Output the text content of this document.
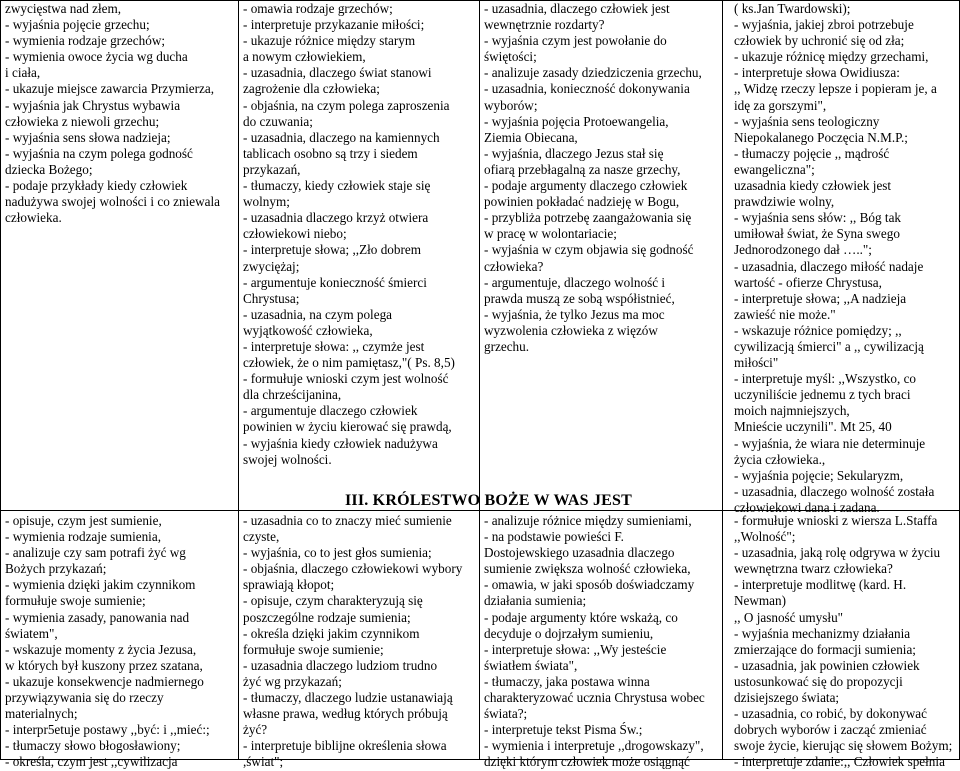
zwycięstwa nad złem,
- wyjaśnia pojęcie grzechu;
- wymienia rodzaje grzechów;
- wymienia owoce życia wg ducha
i ciała,
- ukazuje miejsce zawarcia Przymierza,
- wyjaśnia jak Chrystus wybawia
człowieka z niewoli grzechu;
- wyjaśnia sens słowa nadzieja;
- wyjaśnia na czym polega godność
dziecka Bożego;
- podaje przykłady kiedy człowiek
nadużywa swojej wolności i co zniewala
człowieka.
- omawia rodzaje grzechów;
- interpretuje przykazanie miłości;
- ukazuje różnice między starym
a nowym człowiekiem,
- uzasadnia, dlaczego świat stanowi
zagrożenie dla człowieka;
- objaśnia, na czym polega zaproszenia
do czuwania;
- uzasadnia, dlaczego na kamiennych
tablicach osobno są trzy i siedem
przykazań,
- tłumaczy, kiedy człowiek staje się
wolnym;
- uzasadnia dlaczego krzyż otwiera
człowiekowi niebo;
- interpretuje słowa; ,,Zło dobrem
zwyciężaj;
- argumentuje konieczność śmierci
Chrystusa;
- uzasadnia, na czym polega
wyjątkowość człowieka,
- interpretuje słowa: ,, czymże jest
człowiek, że o nim pamiętasz,"( Ps. 8,5)
- formułuje wnioski czym jest wolność
dla chrześcijanina,
- argumentuje dlaczego człowiek
powinien w życiu kierować się prawdą,
- wyjaśnia kiedy człowiek nadużywa
swojej wolności.
- uzasadnia, dlaczego człowiek jest
wewnętrznie rozdarty?
- wyjaśnia czym jest powołanie do
świętości;
- analizuje zasady dziedziczenia grzechu,
- uzasadnia, konieczność dokonywania
wyborów;
- wyjaśnia pojęcia Protoewangelia,
Ziemia Obiecana,
- wyjaśnia, dlaczego Jezus stał się
ofiarą przebłagalną za nasze grzechy,
- podaje argumenty dlaczego człowiek
powinien pokładać nadzieję w Bogu,
- przybliża potrzebę zaangażowania się
w pracę w wolontariacie;
- wyjaśnia w czym objawia się godność
człowieka?
- argumentuje, dlaczego wolność i
prawda muszą ze sobą współistnieć,
- wyjaśnia, że tylko Jezus ma moc
wyzwolenia człowieka z więzów
grzechu.
( ks.Jan Twardowski);
- wyjaśnia, jakiej zbroi potrzebuje
człowiek by uchronić się od zła;
- ukazuje różnicę między grzechami,
- interpretuje słowa Owidiusza:
,, Widzę rzeczy lepsze i popieram je, a
idę za gorszymi",
- wyjaśnia sens teologiczny
Niepokalanego Poczęcia N.M.P.;
- tłumaczy pojęcie ,, mądrość
ewangeliczna";
uzasadnia kiedy człowiek jest
prawdziwie wolny,
- wyjaśnia sens słów: ,, Bóg tak
umiłował świat, że Syna swego
Jednorodzonego dał …..";
- uzasadnia, dlaczego miłość nadaje
wartość - ofierze Chrystusa,
- interpretuje słowa; ,,A nadzieja
zawieść nie może."
- wskazuje różnice pomiędzy; ,,
cywilizacją śmierci" a ,, cywilizacją
miłości"
- interpretuje myśl: ,,Wszystko, co
uczyniliście jednemu z tych braci
moich najmniejszych,
Mnieście uczynili". Mt 25, 40
- wyjaśnia, że wiara nie determinuje
życia człowieka.,
- wyjaśnia pojęcie; Sekularyzm,
- uzasadnia, dlaczego wolność została
człowiekowi dana i zadana.
III. KRÓLESTWO BOŻE W WAS JEST
- opisuje, czym jest sumienie,
- wymienia rodzaje sumienia,
- analizuje czy sam potrafi żyć wg
Bożych przykazań;
- wymienia dzięki jakim czynnikom
formułuje swoje sumienie;
- wymienia zasady, panowania nad
światem",
- wskazuje momenty z życia Jezusa,
w których był kuszony przez szatana,
- ukazuje konsekwencje nadmiernego
przywiązywania się do rzeczy
materialnych;
- interpr5etuje postawy ,,być: i ,,mieć:;
- tłumaczy słowo błogosławiony;
- określa, czym jest ,,cywilizacja
- uzasadnia co to znaczy mieć sumienie
czyste,
- wyjaśnia, co to jest głos sumienia;
- objaśnia, dlaczego człowiekowi wybory
sprawiają kłopot;
- opisuje, czym charakteryzują się
poszczególne rodzaje sumienia;
- określa dzięki jakim czynnikom
formułuje swoje sumienie;
- uzasadnia dlaczego ludziom trudno
żyć wg przykazań;
- tłumaczy, dlaczego ludzie ustanawiają
własne prawa, według których próbują
żyć?
- interpretuje biblijne określenia słowa
,świat";
- analizuje różnice między sumieniami,
- na podstawie powieści F.
Dostojewskiego uzasadnia dlaczego
sumienie zwiększa wolność człowieka,
- omawia, w jaki sposób doświadczamy
działania sumienia;
- podaje argumenty które wskażą, co
decyduje o dojrzałym sumieniu,
- interpretuje słowa: ,,Wy jesteście
światłem świata",
- tłumaczy, jaka postawa winna
charakteryzować ucznia Chrystusa wobec
świata?;
- interpretuje tekst Pisma Św.;
- wymienia i interpretuje ,,drogowskazy",
dzięki którym człowiek może osiągnąć
- formułuje wnioski z wiersza L.Staffa
,,Wolność";
- uzasadnia, jaką rolę odgrywa w życiu
wewnętrzna twarz człowieka?
- interpretuje modlitwę (kard. H.
Newman)
,, O jasność umysłu"
- wyjaśnia mechanizmy działania
zmierzające do formacji sumienia;
- uzasadnia, jak powinien człowiek
ustosunkować się do propozycji
dzisiejszego świata;
- uzasadnia, co robić, by dokonywać
dobrych wyborów i zacząć zmieniać
swoje życie, kierując się słowem Bożym;
- interpretuje zdanie:,, Człowiek spełnia
